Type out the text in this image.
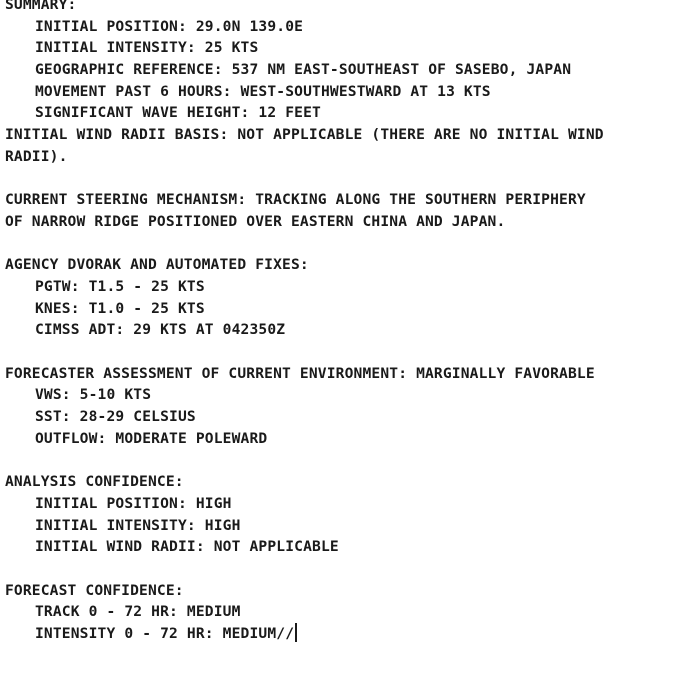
SUMMARY:
INITIAL POSITION: 29.0N 139.0E
INITIAL INTENSITY: 25 KTS
GEOGRAPHIC REFERENCE: 537 NM EAST-SOUTHEAST OF SASEBO, JAPAN
MOVEMENT PAST 6 HOURS: WEST-SOUTHWESTWARD AT 13 KTS
SIGNIFICANT WAVE HEIGHT: 12 FEET
INITIAL WIND RADII BASIS: NOT APPLICABLE (THERE ARE NO INITIAL WIND
RADII).
CURRENT STEERING MECHANISM: TRACKING ALONG THE SOUTHERN PERIPHERY
OF NARROW RIDGE POSITIONED OVER EASTERN CHINA AND JAPAN.
AGENCY DVORAK AND AUTOMATED FIXES:
PGTW: T1.5 - 25 KTS
KNES: T1.0 - 25 KTS
CIMSS ADT: 29 KTS AT 042350Z
FORECASTER ASSESSMENT OF CURRENT ENVIRONMENT: MARGINALLY FAVORABLE
VWS: 5-10 KTS
SST: 28-29 CELSIUS
OUTFLOW: MODERATE POLEWARD
ANALYSIS CONFIDENCE:
INITIAL POSITION: HIGH
INITIAL INTENSITY: HIGH
INITIAL WIND RADII: NOT APPLICABLE
FORECAST CONFIDENCE:
TRACK 0 - 72 HR: MEDIUM
INTENSITY 0 - 72 HR: MEDIUM//
